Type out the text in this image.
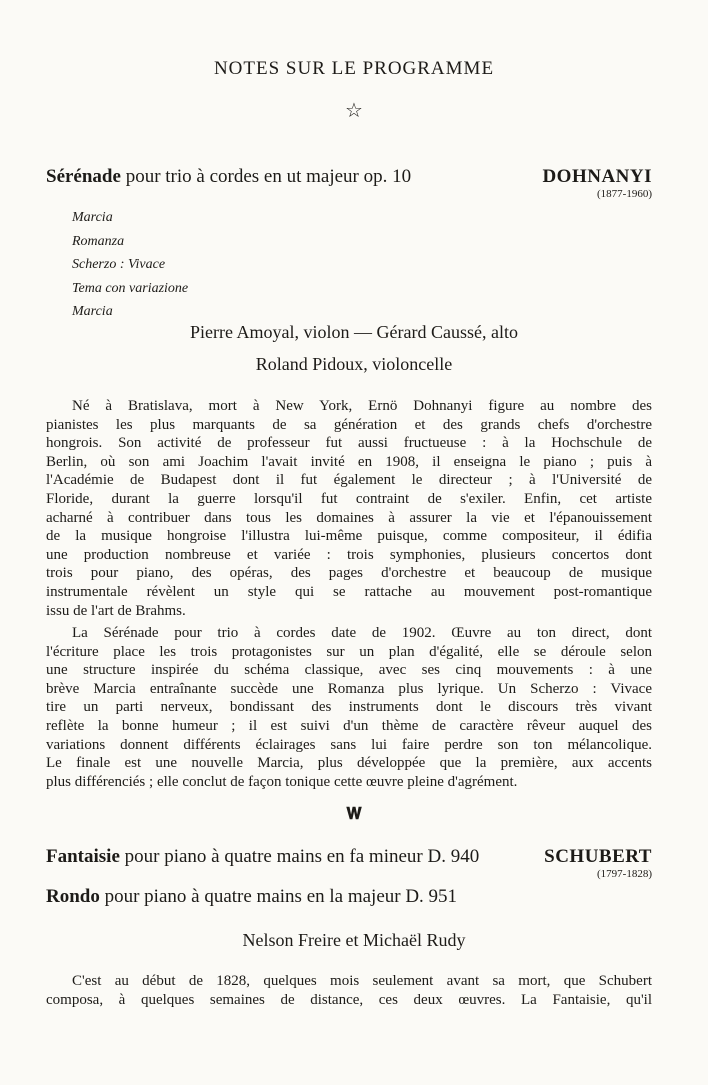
NOTES SUR LE PROGRAMME
☆
Sérénade pour trio à cordes en ut majeur op. 10	DOHNANYI
(1877-1960)
Marcia
Romanza
Scherzo : Vivace
Tema con variazione
Marcia
Pierre Amoyal, violon — Gérard Caussé, alto
Roland Pidoux, violoncelle
Né à Bratislava, mort à New York, Ernö Dohnanyi figure au nombre des
pianistes les plus marquants de sa génération et des grands chefs d'orchestre
hongrois. Son activité de professeur fut aussi fructueuse : à la Hochschule de
Berlin, où son ami Joachim l'avait invité en 1908, il enseigna le piano ; puis à
l'Académie de Budapest dont il fut également le directeur ; à l'Université de
Floride, durant la guerre lorsqu'il fut contraint de s'exiler. Enfin, cet artiste
acharné à contribuer dans tous les domaines à assurer la vie et l'épanouissement
de la musique hongroise l'illustra lui-même puisque, comme compositeur, il édifia
une production nombreuse et variée : trois symphonies, plusieurs concertos dont
trois pour piano, des opéras, des pages d'orchestre et beaucoup de musique
instrumentale révèlent un style qui se rattache au mouvement post-romantique
issu de l'art de Brahms.
La Sérénade pour trio à cordes date de 1902. Œuvre au ton direct, dont
l'écriture place les trois protagonistes sur un plan d'égalité, elle se déroule selon
une structure inspirée du schéma classique, avec ses cinq mouvements : à une
brève Marcia entraînante succède une Romanza plus lyrique. Un Scherzo : Vivace
tire un parti nerveux, bondissant des instruments dont le discours très vivant
reflète la bonne humeur ; il est suivi d'un thème de caractère rêveur auquel des
variations donnent différents éclairages sans lui faire perdre son ton mélancolique.
Le finale est une nouvelle Marcia, plus développée que la première, aux accents
plus différenciés ; elle conclut de façon tonique cette œuvre pleine d'agrément.
𝐖
Fantaisie pour piano à quatre mains en fa mineur D. 940	SCHUBERT
(1797-1828)
Rondo pour piano à quatre mains en la majeur D. 951
Nelson Freire et Michaël Rudy
C'est au début de 1828, quelques mois seulement avant sa mort, que Schubert
composa, à quelques semaines de distance, ces deux œuvres. La Fantaisie, qu'il
